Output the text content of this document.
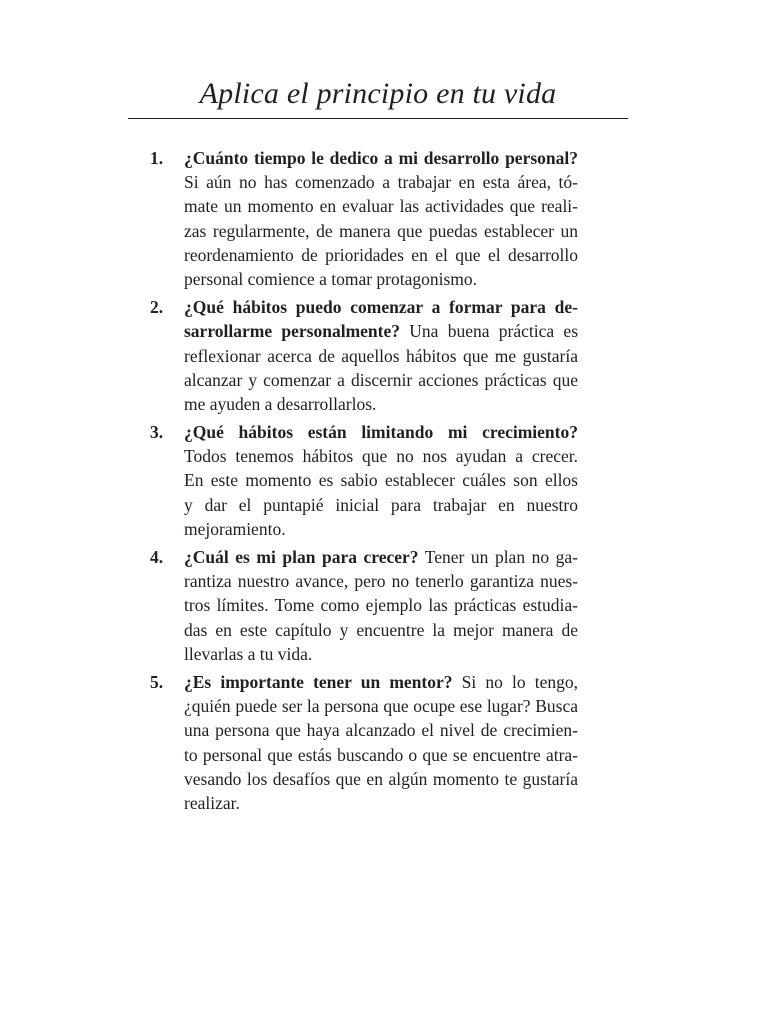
Aplica el principio en tu vida
1.	¿Cuánto tiempo le dedico a mi desarrollo personal?
Si aún no has comenzado a trabajar en esta área, tó-
mate un momento en evaluar las actividades que reali-
zas regularmente, de manera que puedas establecer un
reordenamiento de prioridades en el que el desarrollo
personal comience a tomar protagonismo.
2.	¿Qué hábitos puedo comenzar a formar para de-
sarrollarme personalmente? Una buena práctica es
reflexionar acerca de aquellos hábitos que me gustaría
alcanzar y comenzar a discernir acciones prácticas que
me ayuden a desarrollarlos.
3.	¿Qué hábitos están limitando mi crecimiento?
Todos tenemos hábitos que no nos ayudan a crecer.
En este momento es sabio establecer cuáles son ellos
y dar el puntapié inicial para trabajar en nuestro
mejoramiento.
4.	¿Cuál es mi plan para crecer? Tener un plan no ga-
rantiza nuestro avance, pero no tenerlo garantiza nues-
tros límites. Tome como ejemplo las prácticas estudia-
das en este capítulo y encuentre la mejor manera de
llevarlas a tu vida.
5.	¿Es importante tener un mentor? Si no lo tengo,
¿quién puede ser la persona que ocupe ese lugar? Busca
una persona que haya alcanzado el nivel de crecimien-
to personal que estás buscando o que se encuentre atra-
vesando los desafíos que en algún momento te gustaría
realizar.
